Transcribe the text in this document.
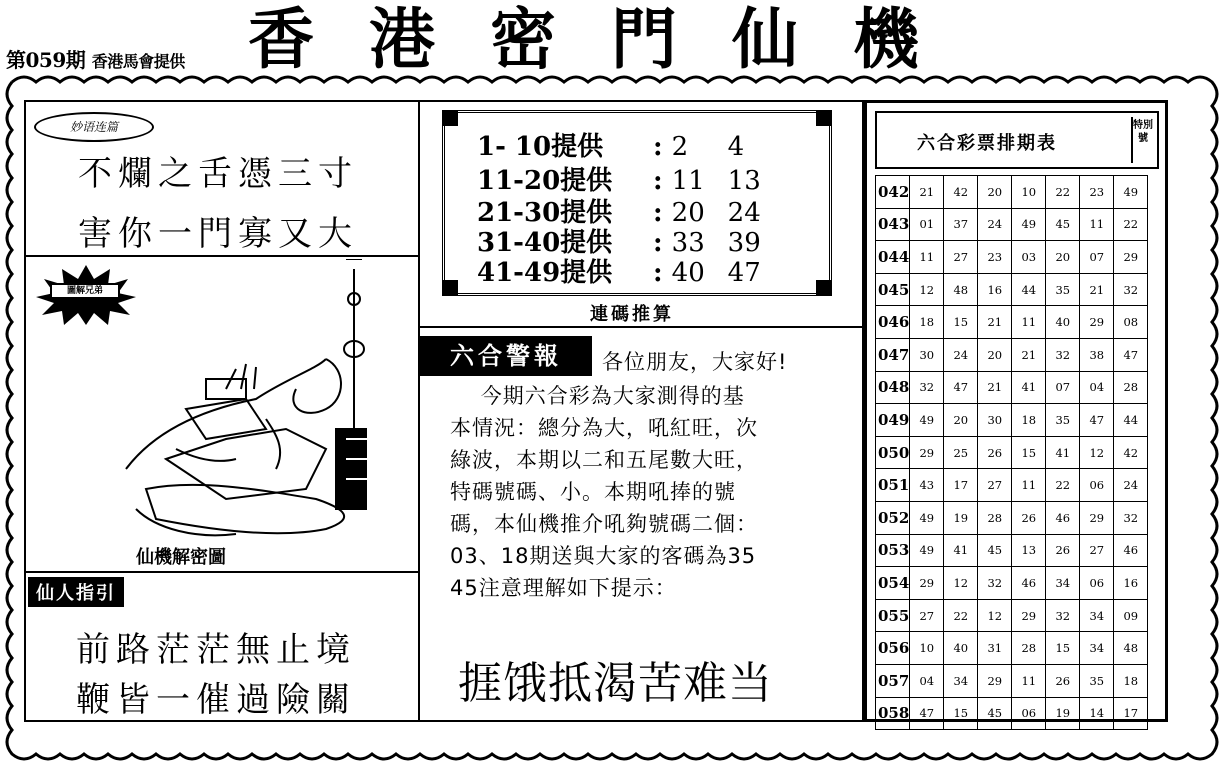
第059期 香港馬會提供 香港密門仙機
妙语连篇
不爛之舌憑三寸
害你一門寡又大
圖解兄弟
仙機解密圖
仙人指引
前路茫茫無止境
鞭皆一催過險關
1- 10提供 : 2 4
11-20提供 : 11 13
21-30提供 : 20 24
31-40提供 : 33 39
41-49提供 : 40 47
連碼推算
六合警報	各位朋友，大家好!
今期六合彩為大家測得的基
本情況：總分為大，吼紅旺，次
綠波，本期以二和五尾數大旺，
特碼號碼、小。本期吼捧的號
碼，本仙機推介吼夠號碼二個：
03、18期送與大家的客碼為35
45注意理解如下提示：
捱饿抵渴苦难当
六合彩票排期表
特別號
042	21	42	20	10	22	23	49
043	01	37	24	49	45	11	22
044	11	27	23	03	20	07	29
045	12	48	16	44	35	21	32
046	18	15	21	11	40	29	08
047	30	24	20	21	32	38	47
048	32	47	21	41	07	04	28
049	49	20	30	18	35	47	44
050	29	25	26	15	41	12	42
051	43	17	27	11	22	06	24
052	49	19	28	26	46	29	32
053	49	41	45	13	26	27	46
054	29	12	32	46	34	06	16
055	27	22	12	29	32	34	09
056	10	40	31	28	15	34	48
057	04	34	29	11	26	35	18
058	47	15	45	06	19	14	17
